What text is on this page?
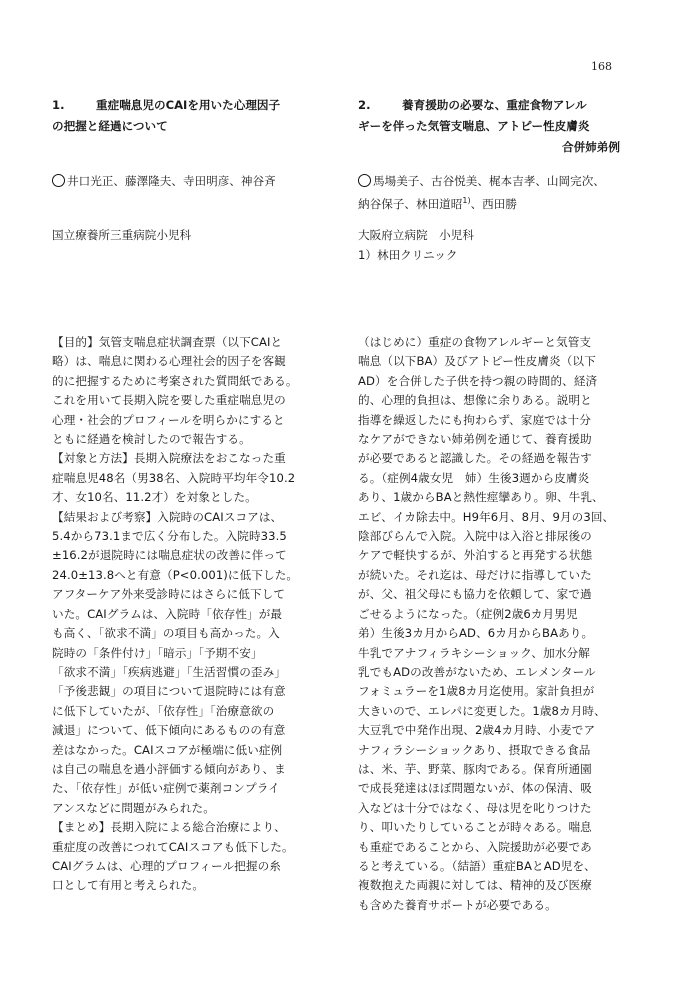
168
1.	重症喘息児のCAIを用いた心理因子
の把握と経過について
井口光正、藤澤隆夫、寺田明彦、神谷斉
国立療養所三重病院小児科
【目的】気管支喘息症状調査票（以下CAIと
略）は、喘息に関わる心理社会的因子を客観
的に把握するために考案された質問紙である。
これを用いて長期入院を要した重症喘息児の
心理・社会的プロフィールを明らかにすると
ともに経過を検討したので報告する。
【対象と方法】長期入院療法をおこなった重
症喘息児48名（男38名、入院時平均年令10.2
才、女10名、11.2才）を対象とした。
【結果および考察】入院時のCAIスコアは、
5.4から73.1まで広く分布した。入院時33.5
±16.2が退院時には喘息症状の改善に伴って
24.0±13.8へと有意（P<0.001)に低下した。
アフターケア外来受診時にはさらに低下して
いた。CAIグラムは、入院時「依存性」が最
も高く、「欲求不満」の項目も高かった。入
院時の「条件付け」「暗示」「予期不安」
「欲求不満」「疾病逃避」「生活習慣の歪み」
「予後悲観」の項目について退院時には有意
に低下していたが、「依存性」「治療意欲の
減退」について、低下傾向にあるものの有意
差はなかった。CAIスコアが極端に低い症例
は自己の喘息を過小評価する傾向があり、ま
た、「依存性」が低い症例で薬剤コンプライ
アンスなどに問題がみられた。
【まとめ】長期入院による総合治療により、
重症度の改善につれてCAIスコアも低下した。
CAIグラムは、心理的プロフィール把握の糸
口として有用と考えられた。
2.	養育援助の必要な、重症食物アレル
ギーを伴った気管支喘息、アトピー性皮膚炎
合併姉弟例
馬場美子、古谷悦美、梶本吉孝、山岡完次、
納谷保子、林田道昭$^{1)}$、西田勝
大阪府立病院　小児科
1）林田クリニック
（はじめに）重症の食物アレルギーと気管支
喘息（以下BA）及びアトピー性皮膚炎（以下
AD）を合併した子供を持つ親の時間的、経済
的、心理的負担は、想像に余りある。説明と
指導を繰返したにも拘わらず、家庭では十分
なケアができない姉弟例を通じて、養育援助
が必要であると認識した。その経過を報告す
る。（症例4歳女児　姉）生後3週から皮膚炎
あり、1歳からBAと熱性痙攣あり。卵、牛乳、
エビ、イカ除去中。H9年6月、8月、9月の3回、
陰部びらんで入院。入院中は入浴と排尿後の
ケアで軽快するが、外泊すると再発する状態
が続いた。それ迄は、母だけに指導していた
が、父、祖父母にも協力を依頼して、家で過
ごせるようになった。（症例2歳6カ月男児
弟）生後3カ月からAD、6カ月からBAあり。
牛乳でアナフィラキシーショック、加水分解
乳でもADの改善がないため、エレメンタール
フォミュラーを1歳8カ月迄使用。家計負担が
大きいので、エレパに変更した。1歳8カ月時、
大豆乳で中発作出現、2歳4カ月時、小麦でア
ナフィラシーショックあり、摂取できる食品
は、米、芋、野菜、豚肉である。保育所通園
で成長発達はほぼ問題ないが、体の保清、吸
入などは十分ではなく、母は児を叱りつけた
り、叩いたりしていることが時々ある。喘息
も重症であることから、入院援助が必要であ
ると考えている。（結語）重症BAとAD児を、
複数抱えた両親に対しては、精神的及び医療
も含めた養育サポートが必要である。
